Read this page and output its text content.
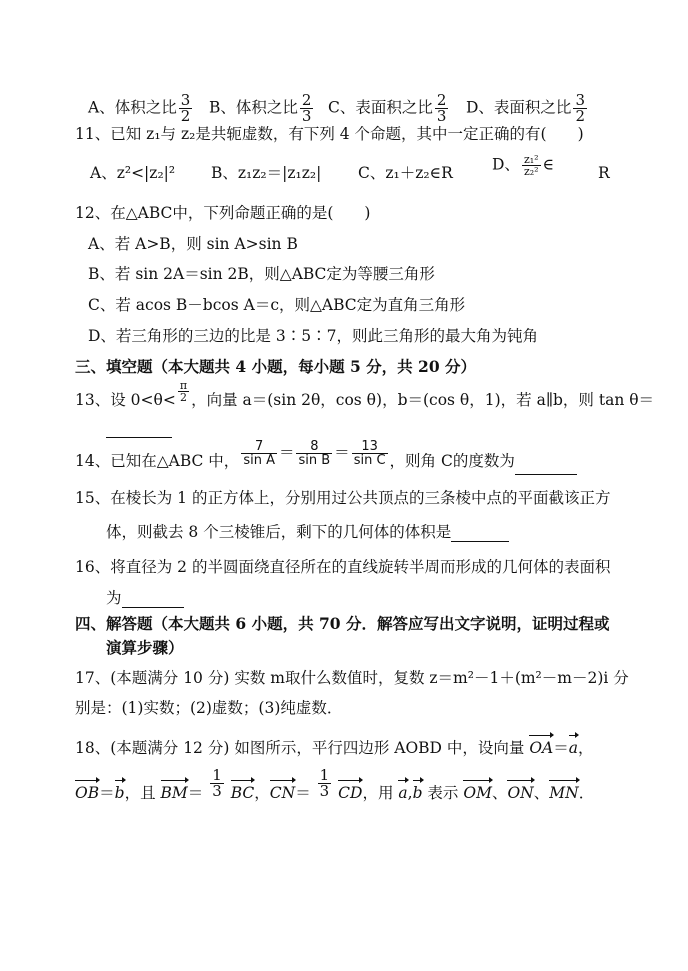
A、体积之比 $\frac{3}{2}$ B、体积之比 $\frac{2}{3}$ C、表面积之比 $\frac{2}{3}$ D、表面积之比 $\frac{3}{2}$
11、已知 z₁与 z₂是共轭虚数，有下列 4 个命题，其中一定正确的有(　　)
A、z²<|z₂|² B、z₁z₂＝|z₁z₂| C、z₁＋z₂∈R	D、 $\frac{\text{z₁²}}{\text{z₂²}}$ ∈	R
12、在△ABC中，下列命题正确的是(　　)
A、若 A>B，则 sin A>sin B
B、若 sin 2A＝sin 2B，则△ABC定为等腰三角形
C、若 acos B－bcos A＝c，则△ABC定为直角三角形
D、若三角形的三边的比是 3∶5∶7，则此三角形的最大角为钝角
三、填空题（本大题共 4 小题，每小题 5 分，共 20 分）
13、设 $0<\theta< \frac{\pi}{2}$ ，向量 a＝(sin 2θ，cos θ)，b＝(cos θ，1)，若 a∥b，则 tan θ＝
14、已知在△ABC 中， $\frac{7}{\text{sin A}} = \frac{8}{\text{sin B}} = \frac{13}{\text{sin C}}$ ，则角 C的度数为
15、在棱长为 1 的正方体上，分别用过公共顶点的三条棱中点的平面截该正方
体，则截去 8 个三棱锥后，剩下的几何体的体积是
16、将直径为 2 的半圆面绕直径所在的直线旋转半周而形成的几何体的表面积
为
四、解答题（本大题共 6 小题，共 70 分．解答应写出文字说明，证明过程或
演算步骤）
17、(本题满分 10 分) 实数 m取什么数值时，复数 z＝m²－1＋(m²－m－2)i 分
别是：(1)实数；(2)虚数；(3)纯虚数．
18、(本题满分 12 分) 如图所示，平行四边形 AOBD 中，设向量 OA＝a，
OB＝b，且 $BM= \frac{1}{3}$ BC，$CN= \frac{1}{3}$ CD，用 a,b 表示 OM、ON、MN．
